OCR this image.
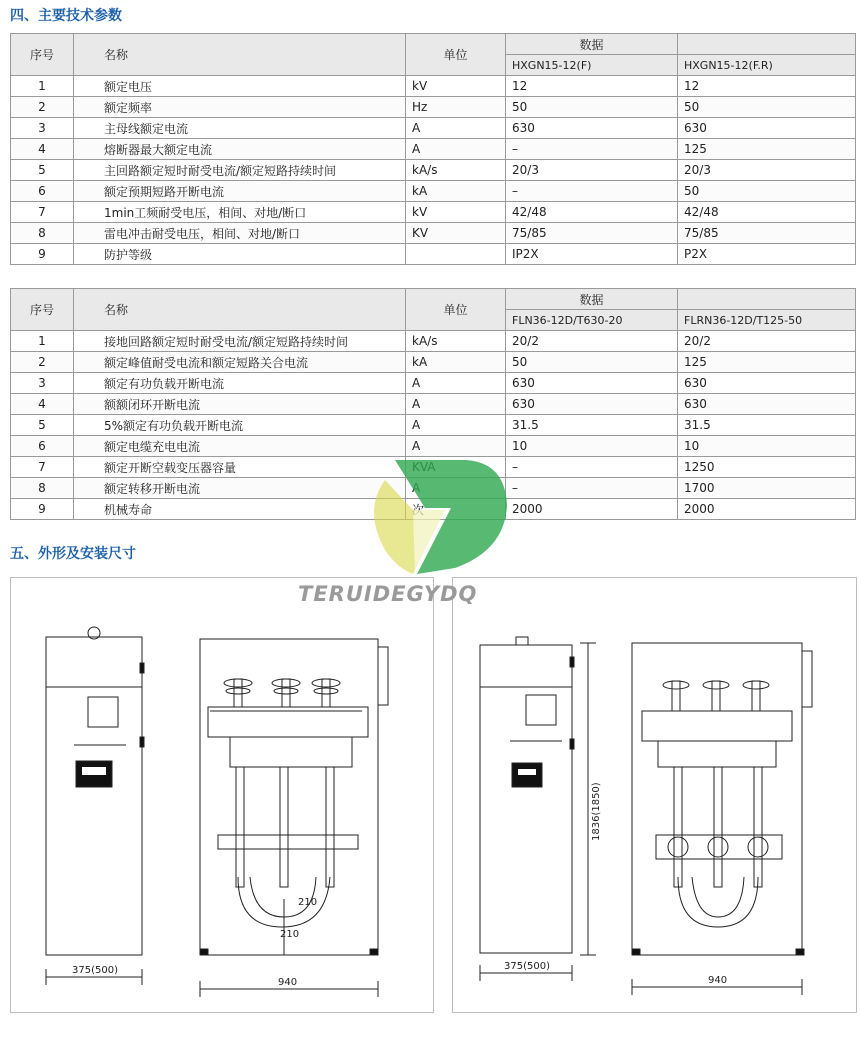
四、主要技术参数
序号	名称	单位	数据	
			HXGN15-12(F)	HXGN15-12(F.R)
1	额定电压	kV	12	12
2	额定频率	Hz	50	50
3	主母线额定电流	A	630	630
4	熔断器最大额定电流	A	–	125
5	主回路额定短时耐受电流/额定短路持续时间	kA/s	20/3	20/3
6	额定预期短路开断电流	kA	–	50
7	1min工频耐受电压，相间、对地/断口	kV	42/48	42/48
8	雷电冲击耐受电压，相间、对地/断口	KV	75/85	75/85
9	防护等级		IP2X	P2X
序号	名称	单位	数据	
			FLN36-12D/T630-20	FLRN36-12D/T125-50
1	接地回路额定短时耐受电流/额定短路持续时间	kA/s	20/2	20/2
2	额定峰值耐受电流和额定短路关合电流	kA	50	125
3	额定有功负载开断电流	A	630	630
4	额额闭环开断电流	A	630	630
5	5%额定有功负载开断电流	A	31.5	31.5
6	额定电缆充电电流	A	10	10
7	额定开断空载变压器容量		–	1250
8	额定转移开断电流		–	1700
9	机械寿命	次	2000	2000
五、外形及安装尺寸
TERUIDEGYDQ
375(500)
940
210
210
375(500)
940
1836(1850)
